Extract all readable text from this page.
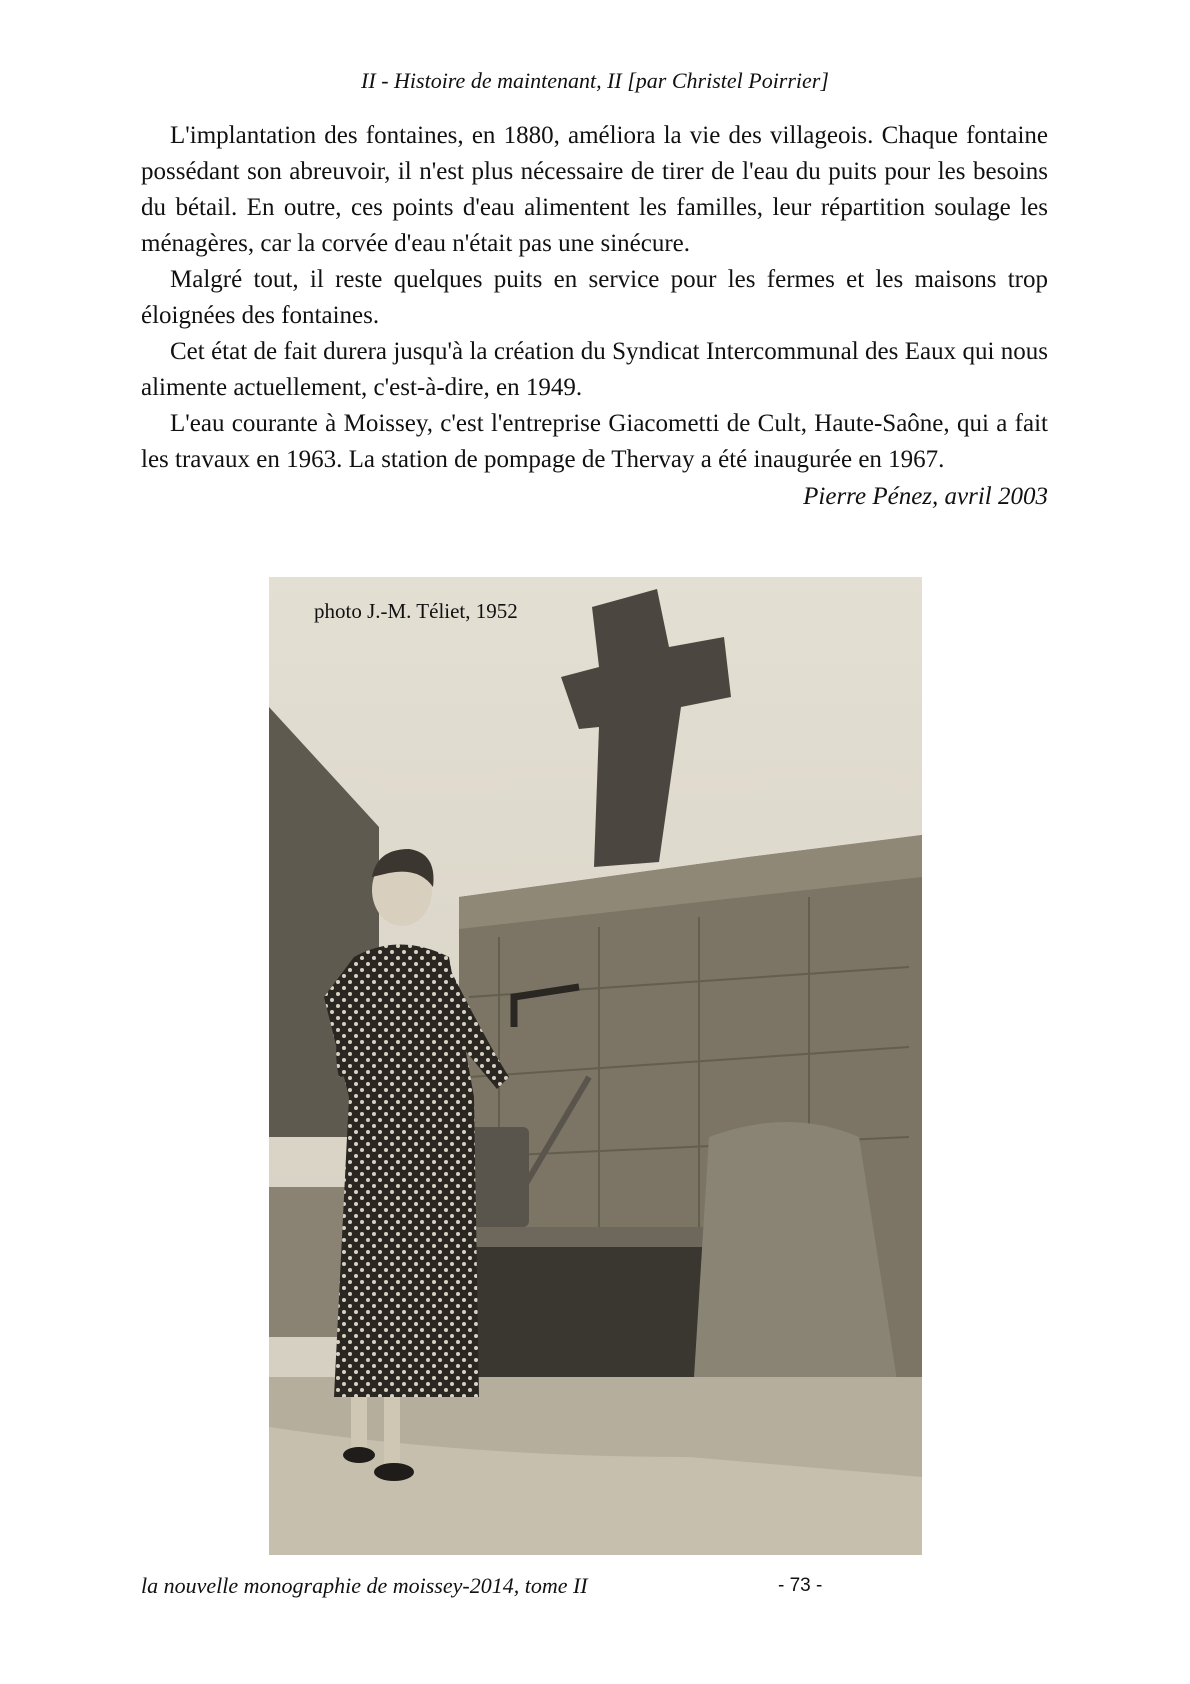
II - Histoire de maintenant, II [par Christel Poirrier]

L'implantation des fontaines, en 1880, améliora la vie des villageois. Chaque fontaine possédant son abreuvoir, il n'est plus nécessaire de tirer de l'eau du puits pour les besoins du bétail. En outre, ces points d'eau alimentent les familles, leur répartition soulage les ménagères, car la corvée d'eau n'était pas une sinécure.

Malgré tout, il reste quelques puits en service pour les fermes et les maisons trop éloignées des fontaines.

Cet état de fait durera jusqu'à la création du Syndicat Intercommunal des Eaux qui nous alimente actuellement, c'est-à-dire, en 1949.

L'eau courante à Moissey, c'est l'entreprise Giacometti de Cult, Haute-Saône, qui a fait les travaux en 1963. La station de pompage de Thervay a été inaugurée en 1967.

Pierre Pénez, avril 2003
photo J.-M. Téliet, 1952
la nouvelle monographie de moissey-2014, tome II	- 73 -
